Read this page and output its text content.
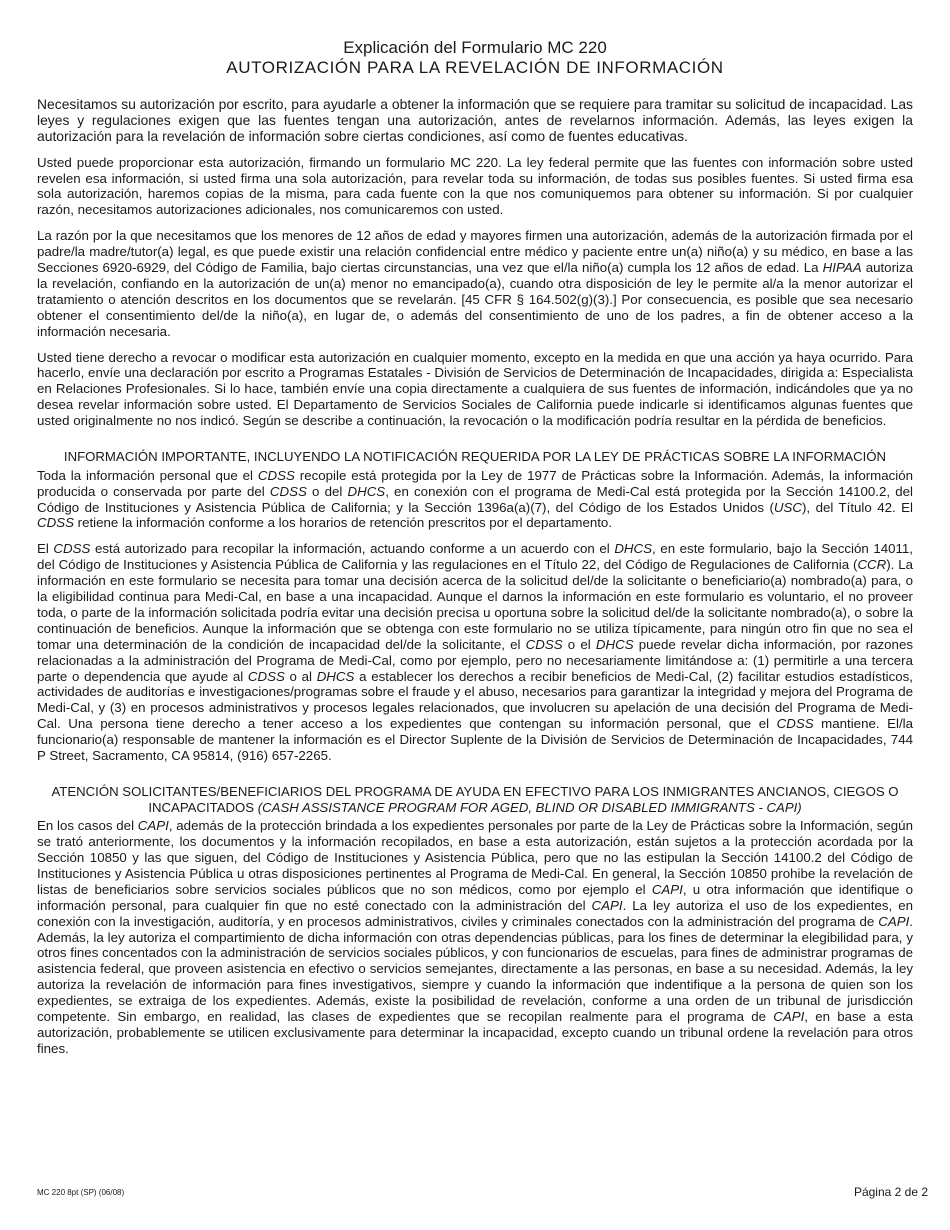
Explicación del Formulario MC 220
AUTORIZACIÓN PARA LA REVELACIÓN DE INFORMACIÓN

Necesitamos su autorización por escrito, para ayudarle a obtener la información que se requiere para tramitar su solicitud de incapacidad. Las leyes y regulaciones exigen que las fuentes tengan una autorización, antes de revelarnos información. Además, las leyes exigen la autorización para la revelación de información sobre ciertas condiciones, así como de fuentes educativas.

Usted puede proporcionar esta autorización, firmando un formulario MC 220. La ley federal permite que las fuentes con información sobre usted revelen esa información, si usted firma una sola autorización, para revelar toda su información, de todas sus posibles fuentes. Si usted firma esa sola autorización, haremos copias de la misma, para cada fuente con la que nos comuniquemos para obtener su información. Si por cualquier razón, necesitamos autorizaciones adicionales, nos comunicaremos con usted.

La razón por la que necesitamos que los menores de 12 años de edad y mayores firmen una autorización, además de la autorización firmada por el padre/la madre/tutor(a) legal, es que puede existir una relación confidencial entre médico y paciente entre un(a) niño(a) y su médico, en base a las Secciones 6920-6929, del Código de Familia, bajo ciertas circunstancias, una vez que el/la niño(a) cumpla los 12 años de edad. La HIPAA autoriza la revelación, confiando en la autorización de un(a) menor no emancipado(a), cuando otra disposición de ley le permite al/a la menor autorizar el tratamiento o atención descritos en los documentos que se revelarán. [45 CFR § 164.502(g)(3).] Por consecuencia, es posible que sea necesario obtener el consentimiento del/de la niño(a), en lugar de, o además del consentimiento de uno de los padres, a fin de obtener acceso a la información necesaria.

Usted tiene derecho a revocar o modificar esta autorización en cualquier momento, excepto en la medida en que una acción ya haya ocurrido. Para hacerlo, envíe una declaración por escrito a Programas Estatales - División de Servicios de Determinación de Incapacidades, dirigida a: Especialista en Relaciones Profesionales. Si lo hace, también envíe una copia directamente a cualquiera de sus fuentes de información, indicándoles que ya no desea revelar información sobre usted. El Departamento de Servicios Sociales de California puede indicarle si identificamos algunas fuentes que usted originalmente no nos indicó. Según se describe a continuación, la revocación o la modificación podría resultar en la pérdida de beneficios.

INFORMACIÓN IMPORTANTE, INCLUYENDO LA NOTIFICACIÓN REQUERIDA POR LA LEY DE PRÁCTICAS SOBRE LA INFORMACIÓN

Toda la información personal que el CDSS recopile está protegida por la Ley de 1977 de Prácticas sobre la Información. Además, la información producida o conservada por parte del CDSS o del DHCS, en conexión con el programa de Medi-Cal está protegida por la Sección 14100.2, del Código de Instituciones y Asistencia Pública de California; y la Sección 1396a(a)(7), del Código de los Estados Unidos (USC), del Título 42. El CDSS retiene la información conforme a los horarios de retención prescritos por el departamento.

El CDSS está autorizado para recopilar la información, actuando conforme a un acuerdo con el DHCS, en este formulario, bajo la Sección 14011, del Código de Instituciones y Asistencia Pública de California y las regulaciones en el Título 22, del Código de Regulaciones de California (CCR). La información en este formulario se necesita para tomar una decisión acerca de la solicitud del/de la solicitante o beneficiario(a) nombrado(a) para, o la eligibilidad continua para Medi-Cal, en base a una incapacidad. Aunque el darnos la información en este formulario es voluntario, el no proveer toda, o parte de la información solicitada podría evitar una decisión precisa u oportuna sobre la solicitud del/de la solicitante nombrado(a), o sobre la continuación de beneficios. Aunque la información que se obtenga con este formulario no se utiliza típicamente, para ningún otro fin que no sea el tomar una determinación de la condición de incapacidad del/de la solicitante, el CDSS o el DHCS puede revelar dicha información, por razones relacionadas a la administración del Programa de Medi-Cal, como por ejemplo, pero no necesariamente limitándose a: (1) permitirle a una tercera parte o dependencia que ayude al CDSS o al DHCS a establecer los derechos a recibir beneficios de Medi-Cal, (2) facilitar estudios estadísticos, actividades de auditorías e investigaciones/programas sobre el fraude y el abuso, necesarios para garantizar la integridad y mejora del Programa de Medi-Cal, y (3) en procesos administrativos y procesos legales relacionados, que involucren su apelación de una decisión del Programa de Medi-Cal. Una persona tiene derecho a tener acceso a los expedientes que contengan su información personal, que el CDSS mantiene. El/la funcionario(a) responsable de mantener la información es el Director Suplente de la División de Servicios de Determinación de Incapacidades, 744 P Street, Sacramento, CA 95814, (916) 657-2265.

ATENCIÓN SOLICITANTES/BENEFICIARIOS DEL PROGRAMA DE AYUDA EN EFECTIVO PARA LOS INMIGRANTES ANCIANOS, CIEGOS O INCAPACITADOS (CASH ASSISTANCE PROGRAM FOR AGED, BLIND OR DISABLED IMMIGRANTS - CAPI)

En los casos del CAPI, además de la protección brindada a los expedientes personales por parte de la Ley de Prácticas sobre la Información, según se trató anteriormente, los documentos y la información recopilados, en base a esta autorización, están sujetos a la protección acordada por la Sección 10850 y las que siguen, del Código de Instituciones y Asistencia Pública, pero que no las estipulan la Sección 14100.2 del Código de Instituciones y Asistencia Pública u otras disposiciones pertinentes al Programa de Medi-Cal. En general, la Sección 10850 prohibe la revelación de listas de beneficiarios sobre servicios sociales públicos que no son médicos, como por ejemplo el CAPI, u otra información que identifique o información personal, para cualquier fin que no esté conectado con la administración del CAPI. La ley autoriza el uso de los expedientes, en conexión con la investigación, auditoría, y en procesos administrativos, civiles y criminales conectados con la administración del programa de CAPI. Además, la ley autoriza el compartimiento de dicha información con otras dependencias públicas, para los fines de determinar la elegibilidad para, y otros fines concentados con la administración de servicios sociales públicos, y con funcionarios de escuelas, para fines de administrar programas de asistencia federal, que proveen asistencia en efectivo o servicios semejantes, directamente a las personas, en base a su necesidad. Además, la ley autoriza la revelación de información para fines investigativos, siempre y cuando la información que indentifique a la persona de quien son los expedientes, se extraiga de los expedientes. Además, existe la posibilidad de revelación, conforme a una orden de un tribunal de jurisdicción competente. Sin embargo, en realidad, las clases de expedientes que se recopilan realmente para el programa de CAPI, en base a esta autorización, probablemente se utilicen exclusivamente para determinar la incapacidad, excepto cuando un tribunal ordene la revelación para otros fines.

MC 220 8pt (SP) (06/08)	Página 2 de 2
